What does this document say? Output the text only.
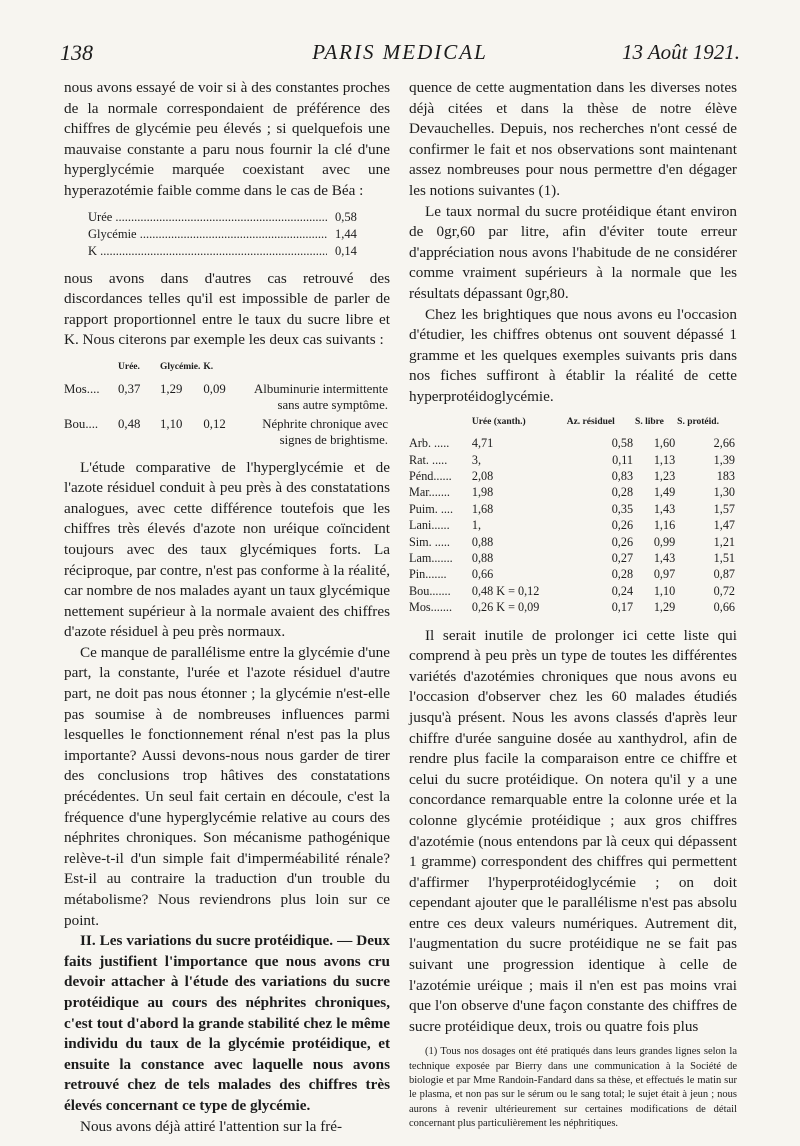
138	PARIS MEDICAL	13 Août 1921.

nous avons essayé de voir si à des constantes proches de la normale correspondaient de préférence des chiffres de glycémie peu élevés ; si quelquefois une mauvaise constante a paru nous fournir la clé d'une hyperglycémie marquée coexistant avec une hyperazotémie faible comme dans le cas de Béa :

Urée .....	0,58
Glycémie .....	1,44
K .....	0,14

nous avons dans d'autres cas retrouvé des discordances telles qu'il est impossible de parler de rapport proportionnel entre le taux du sucre libre et K. Nous citerons par exemple les deux cas suivants :

	Urée.	Glycémie.	K.	
Mos....	0,37	1,29	0,09	Albuminurie intermittente
sans autre symptôme.

Bou....	0,48	1,10	0,12	Néphrite chronique avec
signes de brightisme.

L'étude comparative de l'hyperglycémie et de l'azote résiduel conduit à peu près à des constatations analogues, avec cette différence toutefois que les chiffres très élevés d'azote non uréique coïncident toujours avec des taux glycémiques forts. La réciproque, par contre, n'est pas conforme à la réalité, car nombre de nos malades ayant un taux glycémique nettement supérieur à la normale avaient des chiffres d'azote résiduel à peu près normaux.

Ce manque de parallélisme entre la glycémie d'une part, la constante, l'urée et l'azote résiduel d'autre part, ne doit pas nous étonner ; la glycémie n'est-elle pas soumise à de nombreuses influences parmi lesquelles le fonctionnement rénal n'est pas la plus importante? Aussi devons-nous nous garder de tirer des conclusions trop hâtives des constatations précédentes. Un seul fait certain en découle, c'est la fréquence d'une hyperglycémie relative au cours des néphrites chroniques. Son mécanisme pathogénique relève-t-il d'un simple fait d'imperméabilité rénale? Est-il au contraire la traduction d'un trouble du métabolisme? Nous reviendrons plus loin sur ce point.

II. Les variations du sucre protéidique. — Deux faits justifient l'importance que nous avons cru devoir attacher à l'étude des variations du sucre protéidique au cours des néphrites chroniques, c'est tout d'abord la grande stabilité chez le même individu du taux de la glycémie protéidique, et ensuite la constance avec laquelle nous avons retrouvé chez de tels malades des chiffres très élevés concernant ce type de glycémie.

Nous avons déjà attiré l'attention sur la fré-

quence de cette augmentation dans les diverses notes déjà citées et dans la thèse de notre élève Devauchelles. Depuis, nos recherches n'ont cessé de confirmer le fait et nos observations sont maintenant assez nombreuses pour nous permettre d'en dégager les notions suivantes (1).

Le taux normal du sucre protéidique étant environ de 0gr,60 par litre, afin d'éviter toute erreur d'appréciation nous avons l'habitude de ne considérer comme vraiment supérieurs à la normale que les résultats dépassant 0gr,80.

Chez les brightiques que nous avons eu l'occasion d'étudier, les chiffres obtenus ont souvent dépassé 1 gramme et les quelques exemples suivants pris dans nos fiches suffiront à établir la réalité de cette hyperprotéidoglycémie.

	Urée (xanth.)	Az. résiduel	S. libre	S. protéid.
Arb. .....	4,71	0,58	1,60	2,66
Rat. .....	3,	0,11	1,13	1,39
Pénd......	2,08	0,83	1,23	183
Mar.......	1,98	0,28	1,49	1,30
Puim. ....	1,68	0,35	1,43	1,57
Lani......	1,	0,26	1,16	1,47
Sim. .....	0,88	0,26	0,99	1,21
Lam.......	0,88	0,27	1,43	1,51
Pin.......	0,66	0,28	0,97	0,87
Bou.......	0,48 K = 0,12	0,24	1,10	0,72
Mos.......	0,26 K = 0,09	0,17	1,29	0,66

Il serait inutile de prolonger ici cette liste qui comprend à peu près un type de toutes les différentes variétés d'azotémies chroniques que nous avons eu l'occasion d'observer chez les 60 malades étudiés jusqu'à présent. Nous les avons classés d'après leur chiffre d'urée sanguine dosée au xanthydrol, afin de rendre plus facile la comparaison entre ce chiffre et celui du sucre protéidique. On notera qu'il y a une concordance remarquable entre la colonne urée et la colonne glycémie protéidique ; aux gros chiffres d'azotémie (nous entendons par là ceux qui dépassent 1 gramme) correspondent des chiffres qui permettent d'affirmer l'hyperprotéidoglycémie ; on doit cependant ajouter que le parallélisme n'est pas absolu entre ces deux valeurs numériques. Autrement dit, l'augmentation du sucre protéidique ne se fait pas suivant une progression identique à celle de l'azotémie uréique ; mais il n'en est pas moins vrai que l'on observe d'une façon constante des chiffres de sucre protéidique deux, trois ou quatre fois plus

(1) Tous nos dosages ont été pratiqués dans leurs grandes lignes selon la technique exposée par Bierry dans une communication à la Société de biologie et par Mme Randoin-Fandard dans sa thèse, et effectués le matin sur le plasma, et non pas sur le sérum ou le sang total; le sujet était à jeun ; nous aurons à revenir ultérieurement sur certaines modifications de détail concernant plus particulièrement les néphritiques.
